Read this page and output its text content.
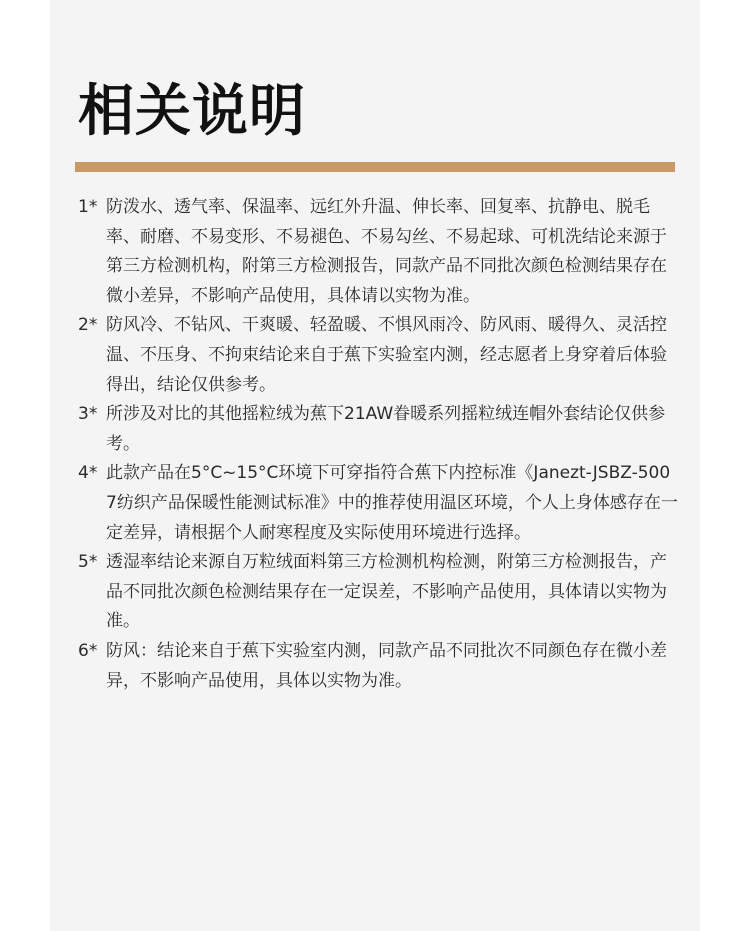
相关说明
1* 防泼水、透气率、保温率、远红外升温、伸长率、回复率、抗静电、脱毛率、耐磨、不易变形、不易褪色、不易勾丝、不易起球、可机洗结论来源于第三方检测机构，附第三方检测报告，同款产品不同批次颜色检测结果存在微小差异，不影响产品使用，具体请以实物为准。
2* 防风冷、不钻风、干爽暖、轻盈暖、不惧风雨冷、防风雨、暖得久、灵活控温、不压身、不拘束结论来自于蕉下实验室内测，经志愿者上身穿着后体验得出，结论仅供参考。
3* 所涉及对比的其他摇粒绒为蕉下21AW眷暖系列摇粒绒连帽外套结论仅供参考。
4* 此款产品在5°C~15°C环境下可穿指符合蕉下内控标准《Janezt-JSBZ-5007纺织产品保暖性能测试标准》中的推荐使用温区环境，个人上身体感存在一定差异，请根据个人耐寒程度及实际使用环境进行选择。
5* 透湿率结论来源自万粒绒面料第三方检测机构检测，附第三方检测报告，产品不同批次颜色检测结果存在一定误差，不影响产品使用，具体请以实物为准。
6* 防风：结论来自于蕉下实验室内测，同款产品不同批次不同颜色存在微小差异，不影响产品使用，具体以实物为准。
